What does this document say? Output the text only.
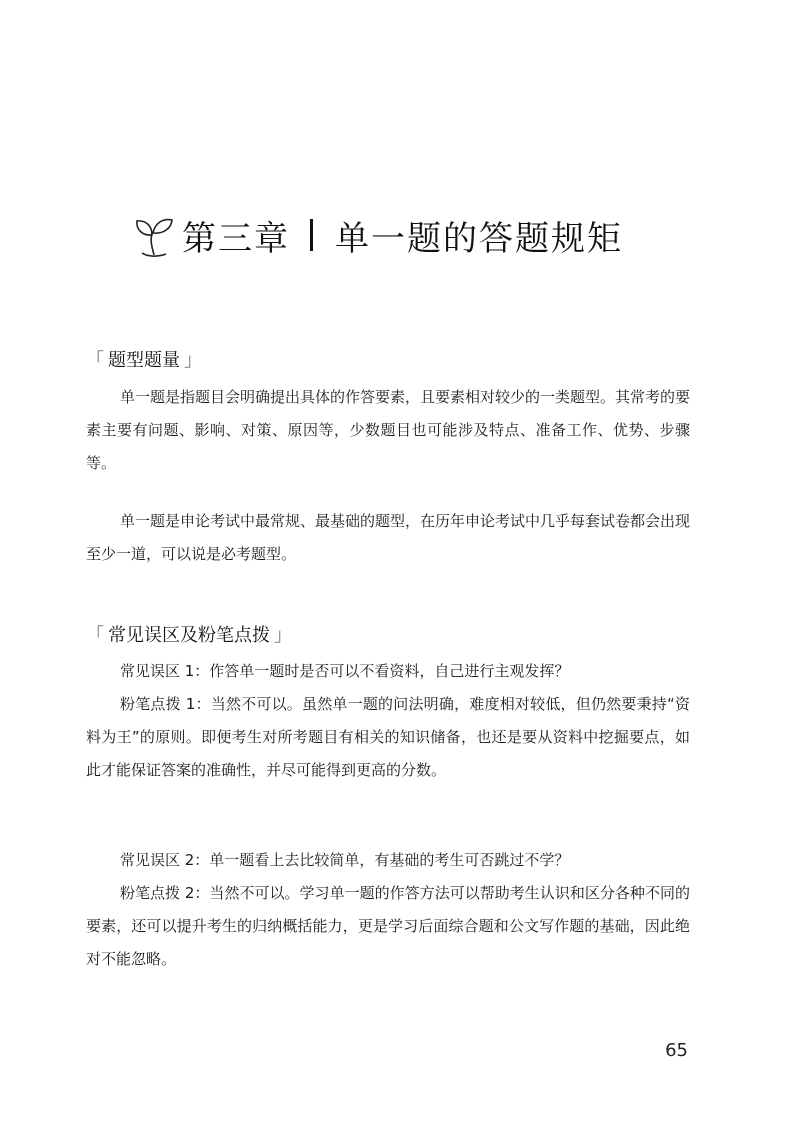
第三章 单一题的答题规矩
「 题型题量 」

单一题是指题目会明确提出具体的作答要素，且要素相对较少的一类题型。其常考的要素主要有问题、影响、对策、原因等，少数题目也可能涉及特点、准备工作、优势、步骤等。

单一题是申论考试中最常规、最基础的题型，在历年申论考试中几乎每套试卷都会出现至少一道，可以说是必考题型。

「 常见误区及粉笔点拨 」

常见误区 1：作答单一题时是否可以不看资料，自己进行主观发挥？

粉笔点拨 1：当然不可以。虽然单一题的问法明确，难度相对较低，但仍然要秉持“资料为王”的原则。即便考生对所考题目有相关的知识储备，也还是要从资料中挖掘要点，如此才能保证答案的准确性，并尽可能得到更高的分数。

常见误区 2：单一题看上去比较简单，有基础的考生可否跳过不学？

粉笔点拨 2：当然不可以。学习单一题的作答方法可以帮助考生认识和区分各种不同的要素，还可以提升考生的归纳概括能力，更是学习后面综合题和公文写作题的基础，因此绝对不能忽略。

65
